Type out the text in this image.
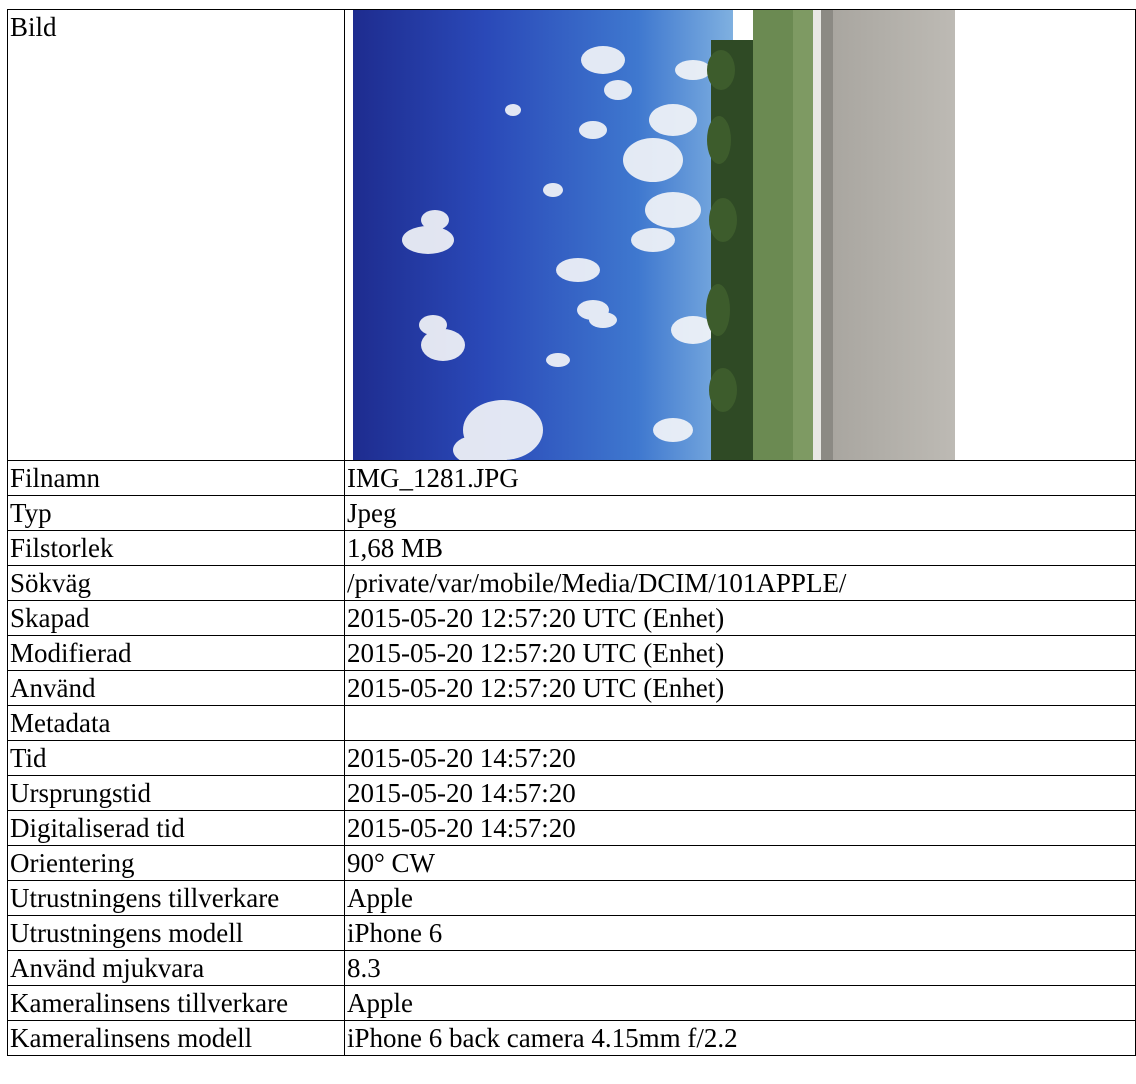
Bild	

Filnamn	IMG_1281.JPG
Typ	Jpeg
Filstorlek	1,68 MB
Sökväg	/private/var/mobile/Media/DCIM/101APPLE/
Skapad	2015-05-20 12:57:20 UTC (Enhet)
Modifierad	2015-05-20 12:57:20 UTC (Enhet)
Använd	2015-05-20 12:57:20 UTC (Enhet)
Metadata	
Tid	2015-05-20 14:57:20
Ursprungstid	2015-05-20 14:57:20
Digitaliserad tid	2015-05-20 14:57:20
Orientering	90° CW
Utrustningens tillverkare	Apple
Utrustningens modell	iPhone 6
Använd mjukvara	8.3
Kameralinsens tillverkare	Apple
Kameralinsens modell	iPhone 6 back camera 4.15mm f/2.2
